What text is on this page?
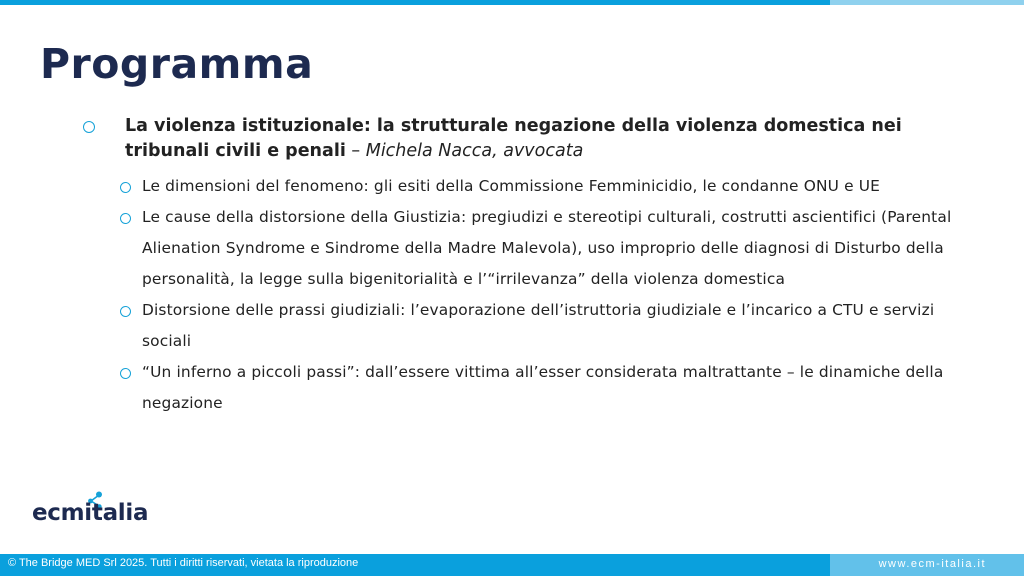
Programma
La violenza istituzionale: la strutturale negazione della violenza domestica nei tribunali civili e penali – Michela Nacca, avvocata
Le dimensioni del fenomeno: gli esiti della Commissione Femminicidio, le condanne ONU e UE
Le cause della distorsione della Giustizia: pregiudizi e stereotipi culturali, costrutti ascientifici (Parental Alienation Syndrome e Sindrome della Madre Malevola), uso improprio delle diagnosi di Disturbo della personalità, la legge sulla bigenitorialità e l’“irrilevanza” della violenza domestica
Distorsione delle prassi giudiziali: l’evaporazione dell’istruttoria giudiziale e l’incarico a CTU e servizi sociali
“Un inferno a piccoli passi”: dall’essere vittima all’esser considerata maltrattante – le dinamiche della negazione
ecmitalia
© The Bridge MED Srl 2025. Tutti i diritti riservati, vietata la riproduzione	www.ecm-italia.it
